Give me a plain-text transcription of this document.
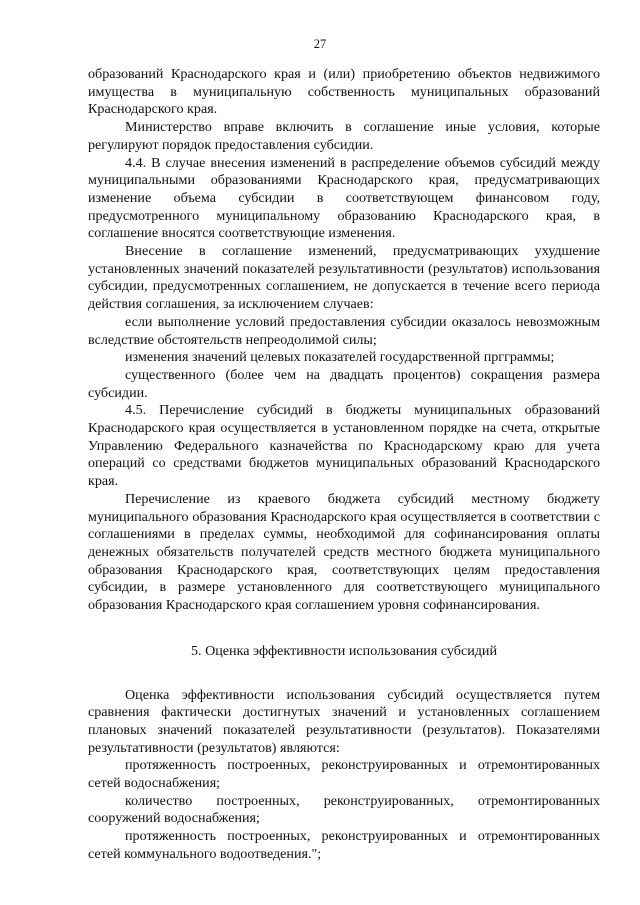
27

образований Краснодарского края и (или) приобретению объектов недвижимого имущества в муниципальную собственность муниципальных образований Краснодарского края.

Министерство вправе включить в соглашение иные условия, которые регулируют порядок предоставления субсидии.

4.4. В случае внесения изменений в распределение объемов субсидий между муниципальными образованиями Краснодарского края, предусматривающих изменение объема субсидии в соответствующем финансовом году, предусмотренного муниципальному образованию Краснодарского края, в соглашение вносятся соответствующие изменения.

Внесение в соглашение изменений, предусматривающих ухудшение установленных значений показателей результативности (результатов) использования субсидии, предусмотренных соглашением, не допускается в течение всего периода действия соглашения, за исключением случаев:

если выполнение условий предоставления субсидии оказалось невозможным вследствие обстоятельств непреодолимой силы;

изменения значений целевых показателей государственной пргграммы;

существенного (более чем на двадцать процентов) сокращения размера субсидии.

4.5. Перечисление субсидий в бюджеты муниципальных образований Краснодарского края осуществляется в установленном порядке на счета, открытые Управлению Федерального казначейства по Краснодарскому краю для учета операций со средствами бюджетов муниципальных образований Краснодарского края.

Перечисление из краевого бюджета субсидий местному бюджету муниципального образования Краснодарского края осуществляется в соответствии с соглашениями в пределах суммы, необходимой для софинансирования оплаты денежных обязательств получателей средств местного бюджета муниципального образования Краснодарского края, соответствующих целям предоставления субсидии, в размере установленного для соответствующего муниципального образования Краснодарского края соглашением уровня софинансирования.

5. Оценка эффективности использования субсидий

Оценка эффективности использования субсидий осуществляется путем сравнения фактически достигнутых значений и установленных соглашением плановых значений показателей результативности (результатов). Показателями результативности (результатов) являются:

протяженность построенных, реконструированных и отремонтированных сетей водоснабжения;

количество построенных, реконструированных, отремонтированных сооружений водоснабжения;

протяженность построенных, реконструированных и отремонтированных сетей коммунального водоотведения.";
